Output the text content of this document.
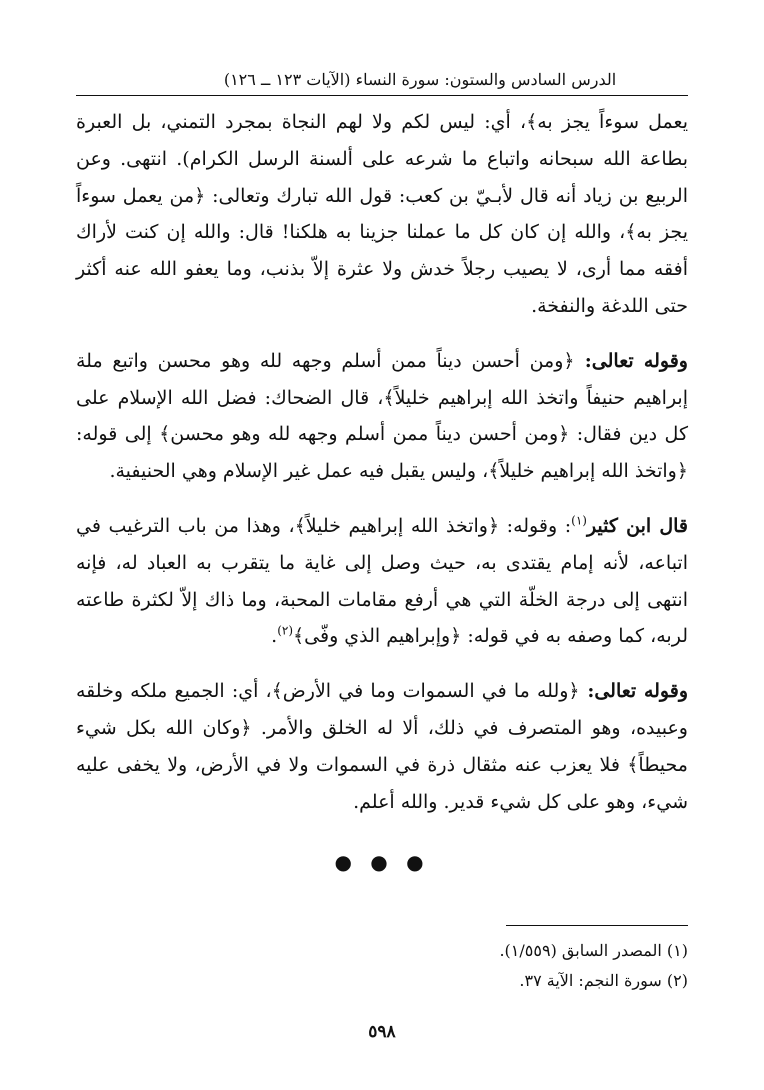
الدرس السادس والستون: سورة النساء (الآيات ١٢٣ ــ ١٢٦)

يعمل سوءاً يجز به﴾، أي: ليس لكم ولا لهم النجاة بمجرد التمني، بل العبرة بطاعة الله سبحانه واتباع ما شرعه على ألسنة الرسل الكرام). انتهى. وعن الربيع بن زياد أنه قال لأبـيّ بن كعب: قول الله تبارك وتعالى: ﴿من يعمل سوءاً يجز به﴾، والله إن كان كل ما عملنا جزينا به هلكنا! قال: والله إن كنت لأراك أفقه مما أرى، لا يصيب رجلاً خدش ولا عثرة إلاّ بذنب، وما يعفو الله عنه أكثر حتى اللدغة والنفخة.

وقوله تعالى: ﴿ومن أحسن ديناً ممن أسلم وجهه لله وهو محسن واتبع ملة إبراهيم حنيفاً واتخذ الله إبراهيم خليلاً﴾، قال الضحاك: فضل الله الإسلام على كل دين فقال: ﴿ومن أحسن ديناً ممن أسلم وجهه لله وهو محسن﴾ إلى قوله: ﴿واتخذ الله إبراهيم خليلاً﴾، وليس يقبل فيه عمل غير الإسلام وهي الحنيفية.

قال ابن كثير$^{(١)}$: وقوله: ﴿واتخذ الله إبراهيم خليلاً﴾، وهذا من باب الترغيب في اتباعه، لأنه إمام يقتدى به، حيث وصل إلى غاية ما يتقرب به العباد له، فإنه انتهى إلى درجة الخلّة التي هي أرفع مقامات المحبة، وما ذاك إلاّ لكثرة طاعته لربه، كما وصفه به في قوله: ﴿وإبراهيم الذي وفّى﴾$^{(٢)}$.

وقوله تعالى: ﴿ولله ما في السموات وما في الأرض﴾، أي: الجميع ملكه وخلقه وعبيده، وهو المتصرف في ذلك، ألا له الخلق والأمر. ﴿وكان الله بكل شيء محيطاً﴾ فلا يعزب عنه مثقال ذرة في السموات ولا في الأرض، ولا يخفى عليه شيء، وهو على كل شيء قدير. والله أعلم.

● ● ●

(١) المصدر السابق (١/٥٥٩).

(٢) سورة النجم: الآية ٣٧.

٥٩٨
